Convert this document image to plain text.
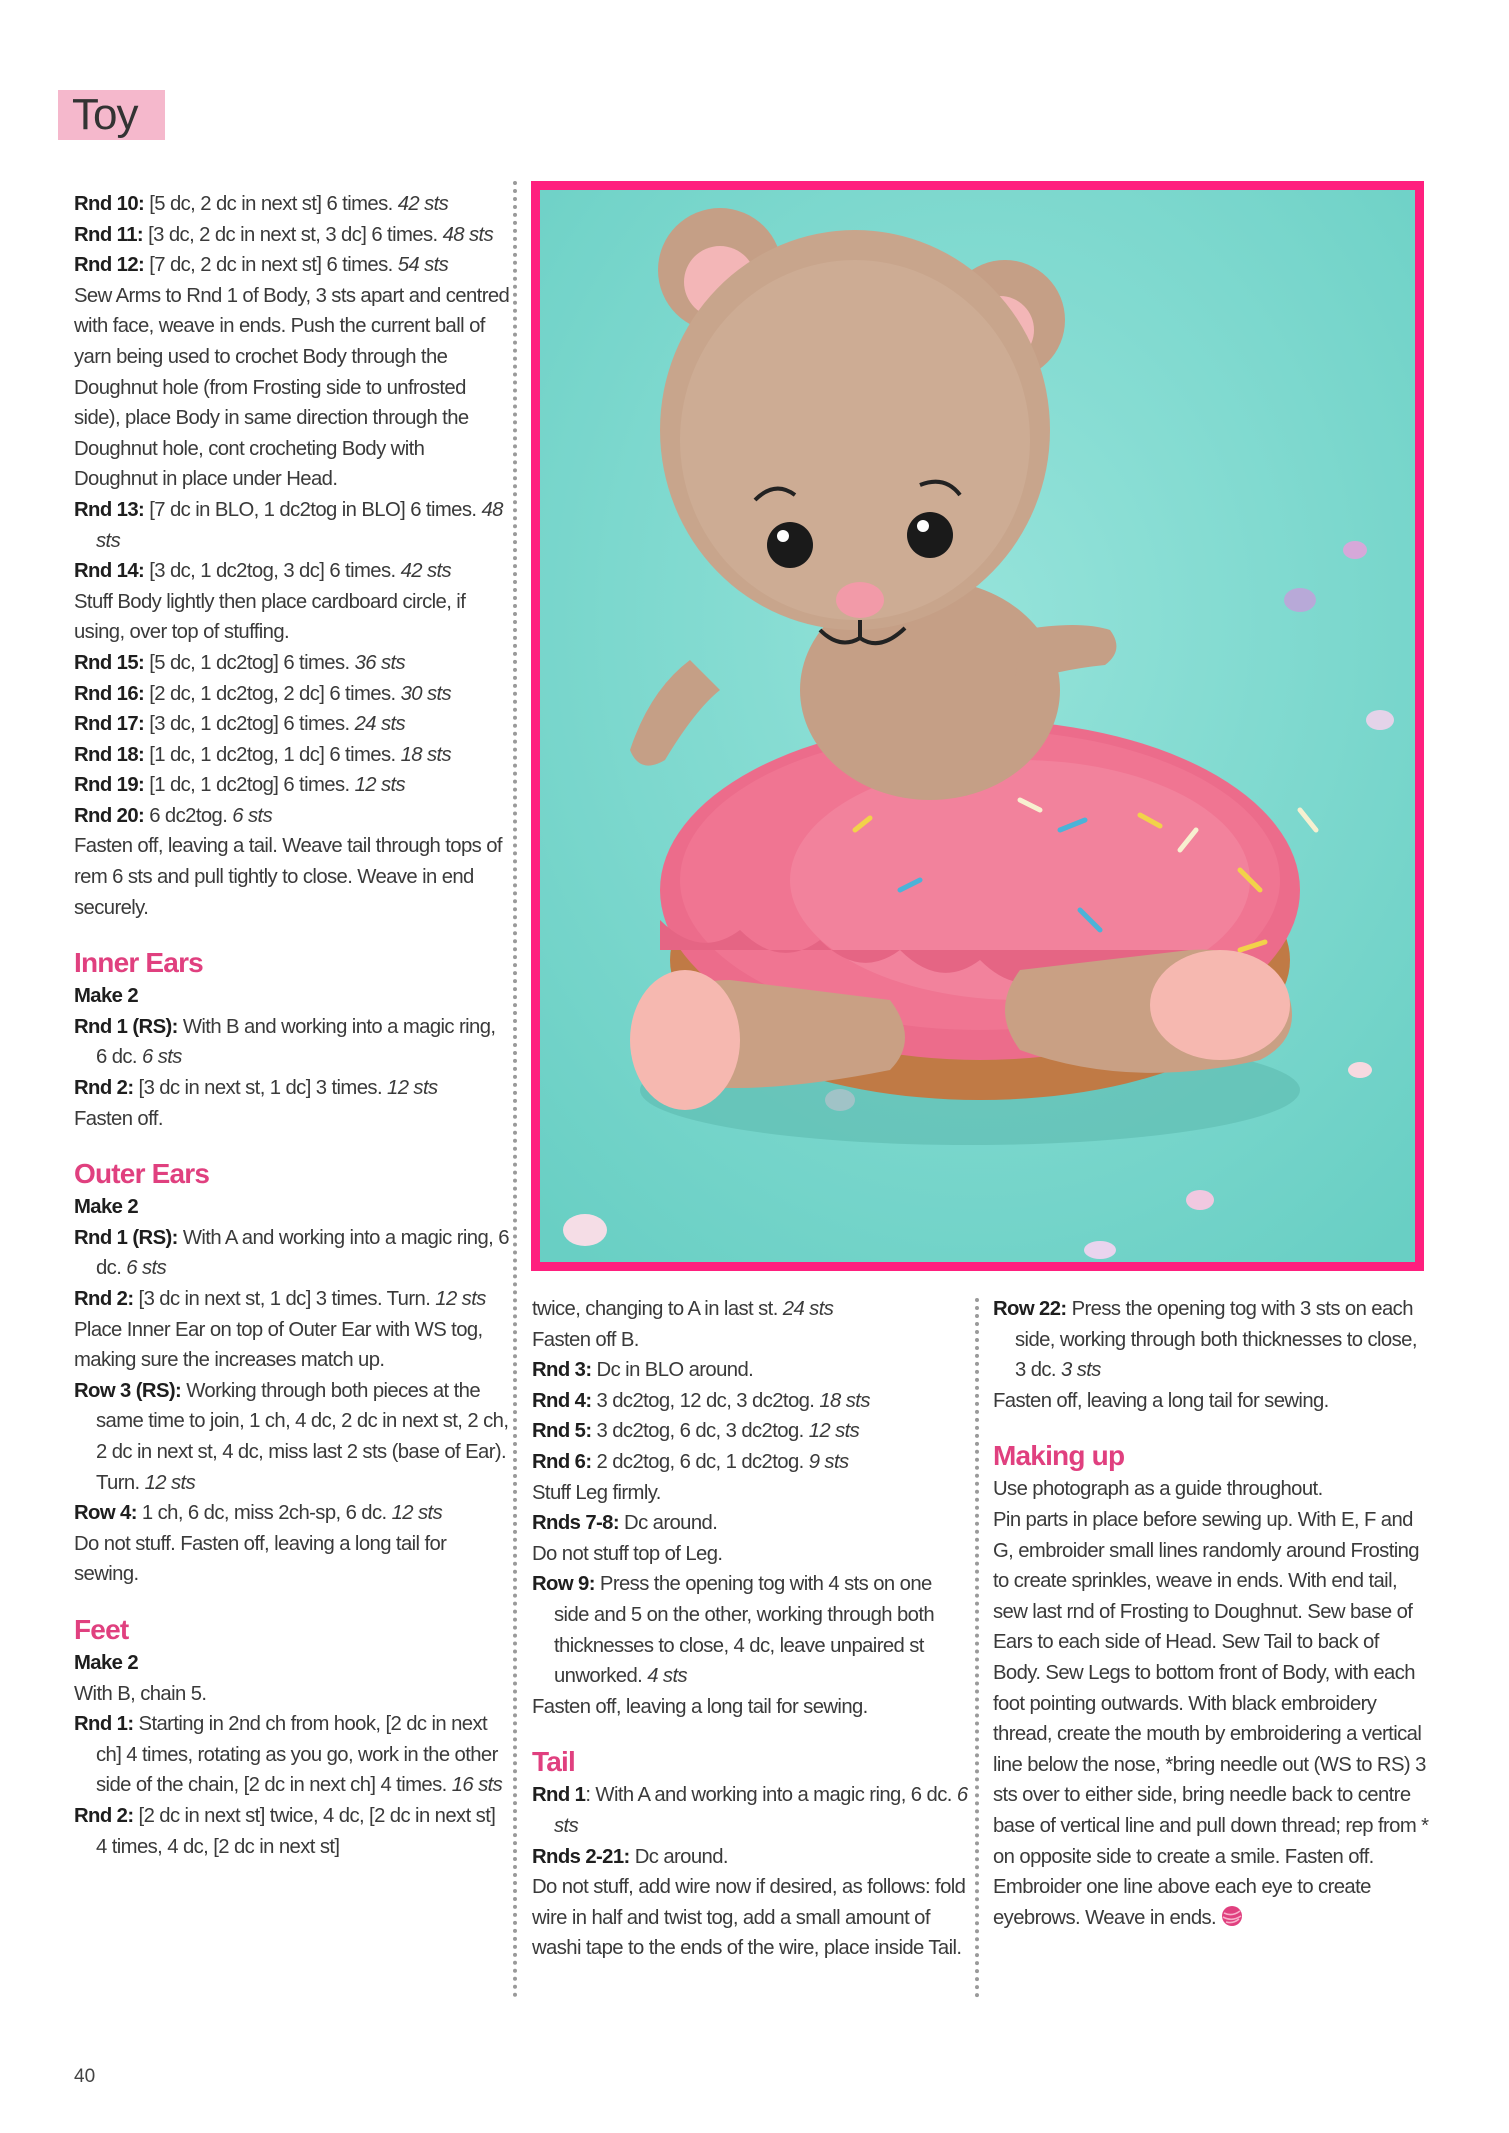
Toy

Rnd 10: [5 dc, 2 dc in next st] 6 times. 42 sts

Rnd 11: [3 dc, 2 dc in next st, 3 dc] 6 times. 48 sts

Rnd 12: [7 dc, 2 dc in next st] 6 times. 54 sts

Sew Arms to Rnd 1 of Body, 3 sts apart and centred with face, weave in ends. Push the current ball of yarn being used to crochet Body through the Doughnut hole (from Frosting side to unfrosted side), place Body in same direction through the Doughnut hole, cont crocheting Body with Doughnut in place under Head.

Rnd 13: [7 dc in BLO, 1 dc2tog in BLO] 6 times. 48 sts

Rnd 14: [3 dc, 1 dc2tog, 3 dc] 6 times. 42 sts

Stuff Body lightly then place cardboard circle, if using, over top of stuffing.

Rnd 15: [5 dc, 1 dc2tog] 6 times. 36 sts

Rnd 16: [2 dc, 1 dc2tog, 2 dc] 6 times. 30 sts

Rnd 17: [3 dc, 1 dc2tog] 6 times. 24 sts

Rnd 18: [1 dc, 1 dc2tog, 1 dc] 6 times. 18 sts

Rnd 19: [1 dc, 1 dc2tog] 6 times. 12 sts

Rnd 20: 6 dc2tog. 6 sts

Fasten off, leaving a tail. Weave tail through tops of rem 6 sts and pull tightly to close. Weave in end securely.

Inner Ears

Make 2

Rnd 1 (RS): With B and working into a magic ring, 6 dc. 6 sts

Rnd 2: [3 dc in next st, 1 dc] 3 times. 12 sts

Fasten off.

Outer Ears

Make 2

Rnd 1 (RS): With A and working into a magic ring, 6 dc. 6 sts

Rnd 2: [3 dc in next st, 1 dc] 3 times. Turn. 12 sts

Place Inner Ear on top of Outer Ear with WS tog, making sure the increases match up.

Row 3 (RS): Working through both pieces at the same time to join, 1 ch, 4 dc, 2 dc in next st, 2 ch, 2 dc in next st, 4 dc, miss last 2 sts (base of Ear). Turn. 12 sts

Row 4: 1 ch, 6 dc, miss 2ch-sp, 6 dc. 12 sts

Do not stuff. Fasten off, leaving a long tail for sewing.

Feet

Make 2

With B, chain 5.

Rnd 1: Starting in 2nd ch from hook, [2 dc in next ch] 4 times, rotating as you go, work in the other side of the chain, [2 dc in next ch] 4 times. 16 sts

Rnd 2: [2 dc in next st] twice, 4 dc, [2 dc in next st] 4 times, 4 dc, [2 dc in next st]

twice, changing to A in last st. 24 sts

Fasten off B.

Rnd 3: Dc in BLO around.

Rnd 4: 3 dc2tog, 12 dc, 3 dc2tog. 18 sts

Rnd 5: 3 dc2tog, 6 dc, 3 dc2tog. 12 sts

Rnd 6: 2 dc2tog, 6 dc, 1 dc2tog. 9 sts

Stuff Leg firmly.

Rnds 7-8: Dc around.

Do not stuff top of Leg.

Row 9: Press the opening tog with 4 sts on one side and 5 on the other, working through both thicknesses to close, 4 dc, leave unpaired st unworked. 4 sts

Fasten off, leaving a long tail for sewing.

Tail

Rnd 1: With A and working into a magic ring, 6 dc. 6 sts

Rnds 2-21: Dc around.

Do not stuff, add wire now if desired, as follows: fold wire in half and twist tog, add a small amount of washi tape to the ends of the wire, place inside Tail.

Row 22: Press the opening tog with 3 sts on each side, working through both thicknesses to close, 3 dc. 3 sts

Fasten off, leaving a long tail for sewing.

Making up

Use photograph as a guide throughout.

Pin parts in place before sewing up. With E, F and G, embroider small lines randomly around Frosting to create sprinkles, weave in ends. With end tail, sew last rnd of Frosting to Doughnut. Sew base of Ears to each side of Head. Sew Tail to back of Body. Sew Legs to bottom front of Body, with each foot pointing outwards. With black embroidery thread, create the mouth by embroidering a vertical line below the nose, *bring needle out (WS to RS) 3 sts over to either side, bring needle back to centre base of vertical line and pull down thread; rep from * on opposite side to create a smile. Fasten off. Embroider one line above each eye to create eyebrows. Weave in ends.

40
